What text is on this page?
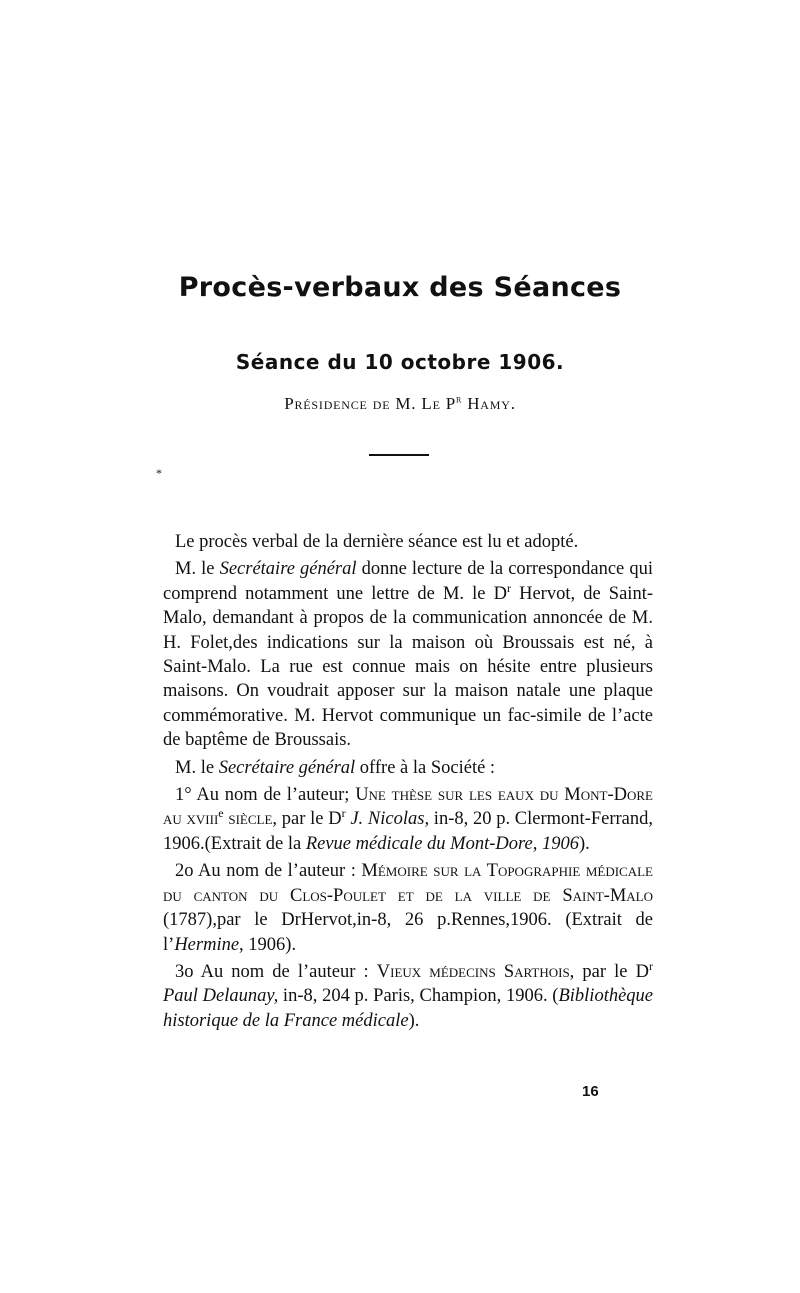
Procès-verbaux des Séances
Séance du 10 octobre 1906.
Présidence de M. Le $P^r$ Hamy.
*

Le procès verbal de la dernière séance est lu et adopté.

M. le Secrétaire général donne lecture de la correspondance qui comprend notamment une lettre de M. le $D^r$ Hervot, de Saint-Malo, demandant à propos de la communication annoncée de M. H. Folet,des indications sur la maison où Broussais est né, à Saint-Malo. La rue est connue mais on hésite entre plusieurs maisons. On voudrait apposer sur la maison natale une plaque commémorative. M. Hervot communique un fac-simile de l’acte de baptême de Broussais.

M. le Secrétaire général offre à la Société :

1° Au nom de l’auteur; Une thèse sur les eaux du Mont-Dore au xviii$^e$ siècle, par le $D^r$ J. Nicolas, in-8, 20 p. Clermont-Ferrand, 1906.(Extrait de la Revue médicale du Mont-Dore, 1906).

2o Au nom de l’auteur : Mémoire sur la Topographie médicale du canton du Clos-Poulet et de la ville de Saint-Malo (1787),par le DrHervot,in-8, 26 p.Rennes,1906. (Extrait de l’Hermine, 1906).

3o Au nom de l’auteur : Vieux médecins Sarthois, par le $D^r$ Paul Delaunay, in-8, 204 p. Paris, Champion, 1906. (Bibliothèque historique de la France médicale).

16
